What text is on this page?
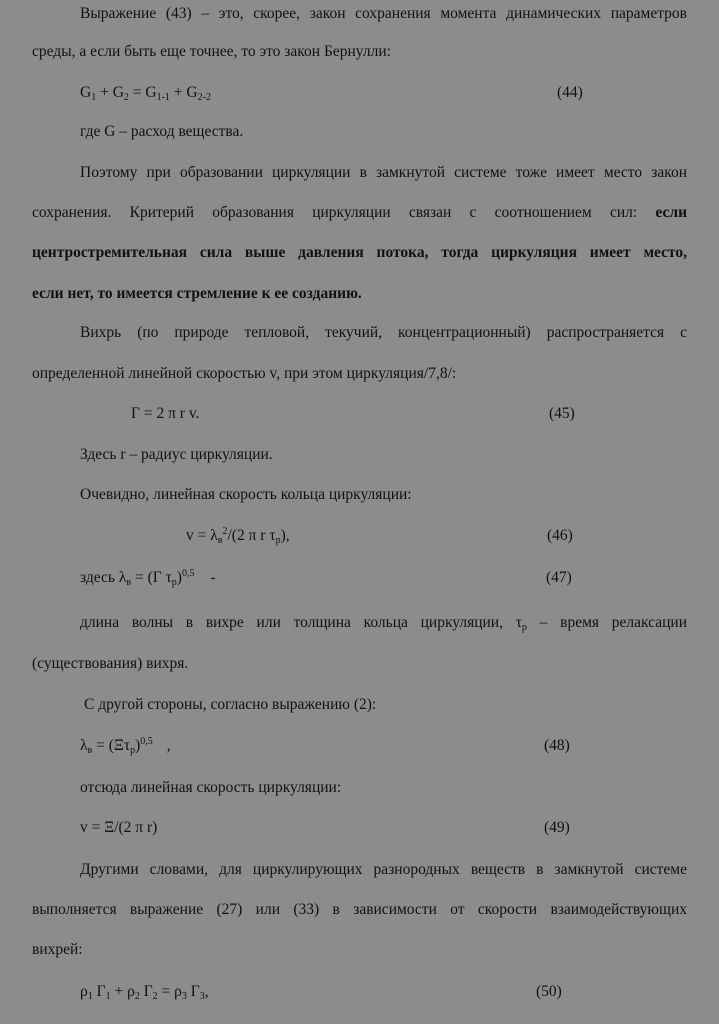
Выражение (43) – это, скорее, закон сохранения момента динамических параметров
среды, а если быть еще точнее, то это закон Бернулли:
$G_1 + G_2 = G_{1-1} + G_{2-2}$	(44)
где G – расход вещества.
Поэтому при образовании циркуляции в замкнутой системе тоже имеет место закон
сохранения. Критерий образования циркуляции связан с соотношением сил: если
центростремительная сила выше давления потока, тогда циркуляция имеет место,
если нет, то имеется стремление к ее созданию.
Вихрь (по природе тепловой, текучий, концентрационный) распространяется с
определенной линейной скоростью v, при этом циркуляция/7,8/:
Г = 2 π r v.	(45)
Здесь r – радиус циркуляции.
Очевидно, линейная скорость кольца циркуляции:
$v = \lambda_в^2/(2$ π r $\tau_р$),	(46)
здесь $\lambda_в = (Г$ $\tau_р)^{0,5}$ -	(47)
длина волны в вихре или толщина кольца циркуляции, $\tau_р$ – время релаксации
(существования) вихря.
С другой стороны, согласно выражению (2):
$\lambda_в = (\Xi\tau_р)^{0,5}$ ,	(48)
отсюда линейная скорость циркуляции:
v = Ξ/(2 π r)	(49)
Другими словами, для циркулирующих разнородных веществ в замкнутой системе
выполняется выражение (27) или (33) в зависимости от скорости взаимодействующих
вихрей:
$\rho_1$ $Г_1 + \rho_2$ $Г_2 = \rho_3$ $Г_3$,	(50)
